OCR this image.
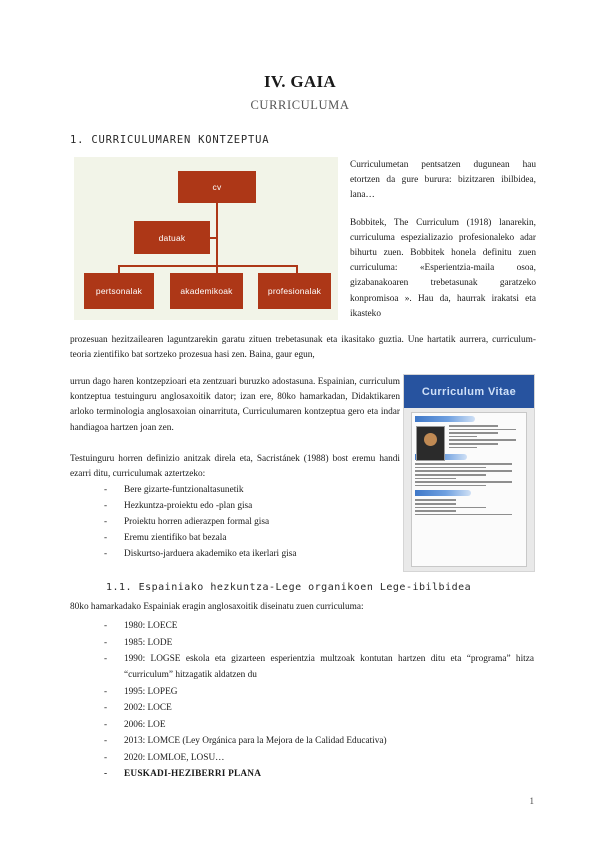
IV. GAIA
CURRICULUMA
1. CURRICULUMAREN KONTZEPTUA
cv
datuak
pertsonalak	akademikoak	profesionalak

Curriculumetan pentsatzen dugunean hau etortzen da gure burura: bizitzaren ibilbidea, lana…

Bobbitek, The Curriculum (1918) lanarekin, curriculuma espezializazio profesionaleko adar bihurtu zuen. Bobbitek honela definitu zuen curriculuma: «Esperientzia-maila osoa, gizabanakoaren trebetasunak garatzeko konpromisoa ». Hau da, haurrak irakatsi eta ikasteko

prozesuan hezitzailearen laguntzarekin garatu zituen trebetasunak eta ikasitako guztia. Une hartatik aurrera, curriculum-teoria zientifiko bat sortzeko prozesua hasi zen. Baina, gaur egun,
urrun dago haren kontzepzioari eta zentzuari buruzko adostasuna. Espainian, curriculum kontzeptua testuinguru anglosaxoitik dator; izan ere, 80ko hamarkadan, Didaktikaren arloko terminologia anglosaxoian oinarrituta, Curriculumaren kontzeptua gero eta indar handiagoa hartzen joan zen.
Testuinguru horren definizio anitzak direla eta, Sacristánek (1988) bost eremu handi ezarri ditu, curriculumak aztertzeko:
-	Bere gizarte-funtzionaltasunetik
-	Hezkuntza-proiektu edo -plan gisa
-	Proiektu horren adierazpen formal gisa
-	Eremu zientifiko bat bezala
-	Diskurtso-jarduera akademiko eta ikerlari gisa
Curriculum Vitae
1.1. Espainiako hezkuntza-Lege organikoen Lege-ibilbidea
80ko hamarkadako Espainiak eragin anglosaxoitik diseinatu zuen curriculuma:
-	1980: LOECE
-	1985: LODE
-	1990: LOGSE eskola eta gizarteen esperientzia multzoak kontutan hartzen ditu eta “programa” hitza “curriculum” hitzagatik aldatzen du
-	1995: LOPEG
-	2002: LOCE
-	2006: LOE
-	2013: LOMCE (Ley Orgánica para la Mejora de la Calidad Educativa)
-	2020: LOMLOE, LOSU…
-	EUSKADI-HEZIBERRI PLANA
1
